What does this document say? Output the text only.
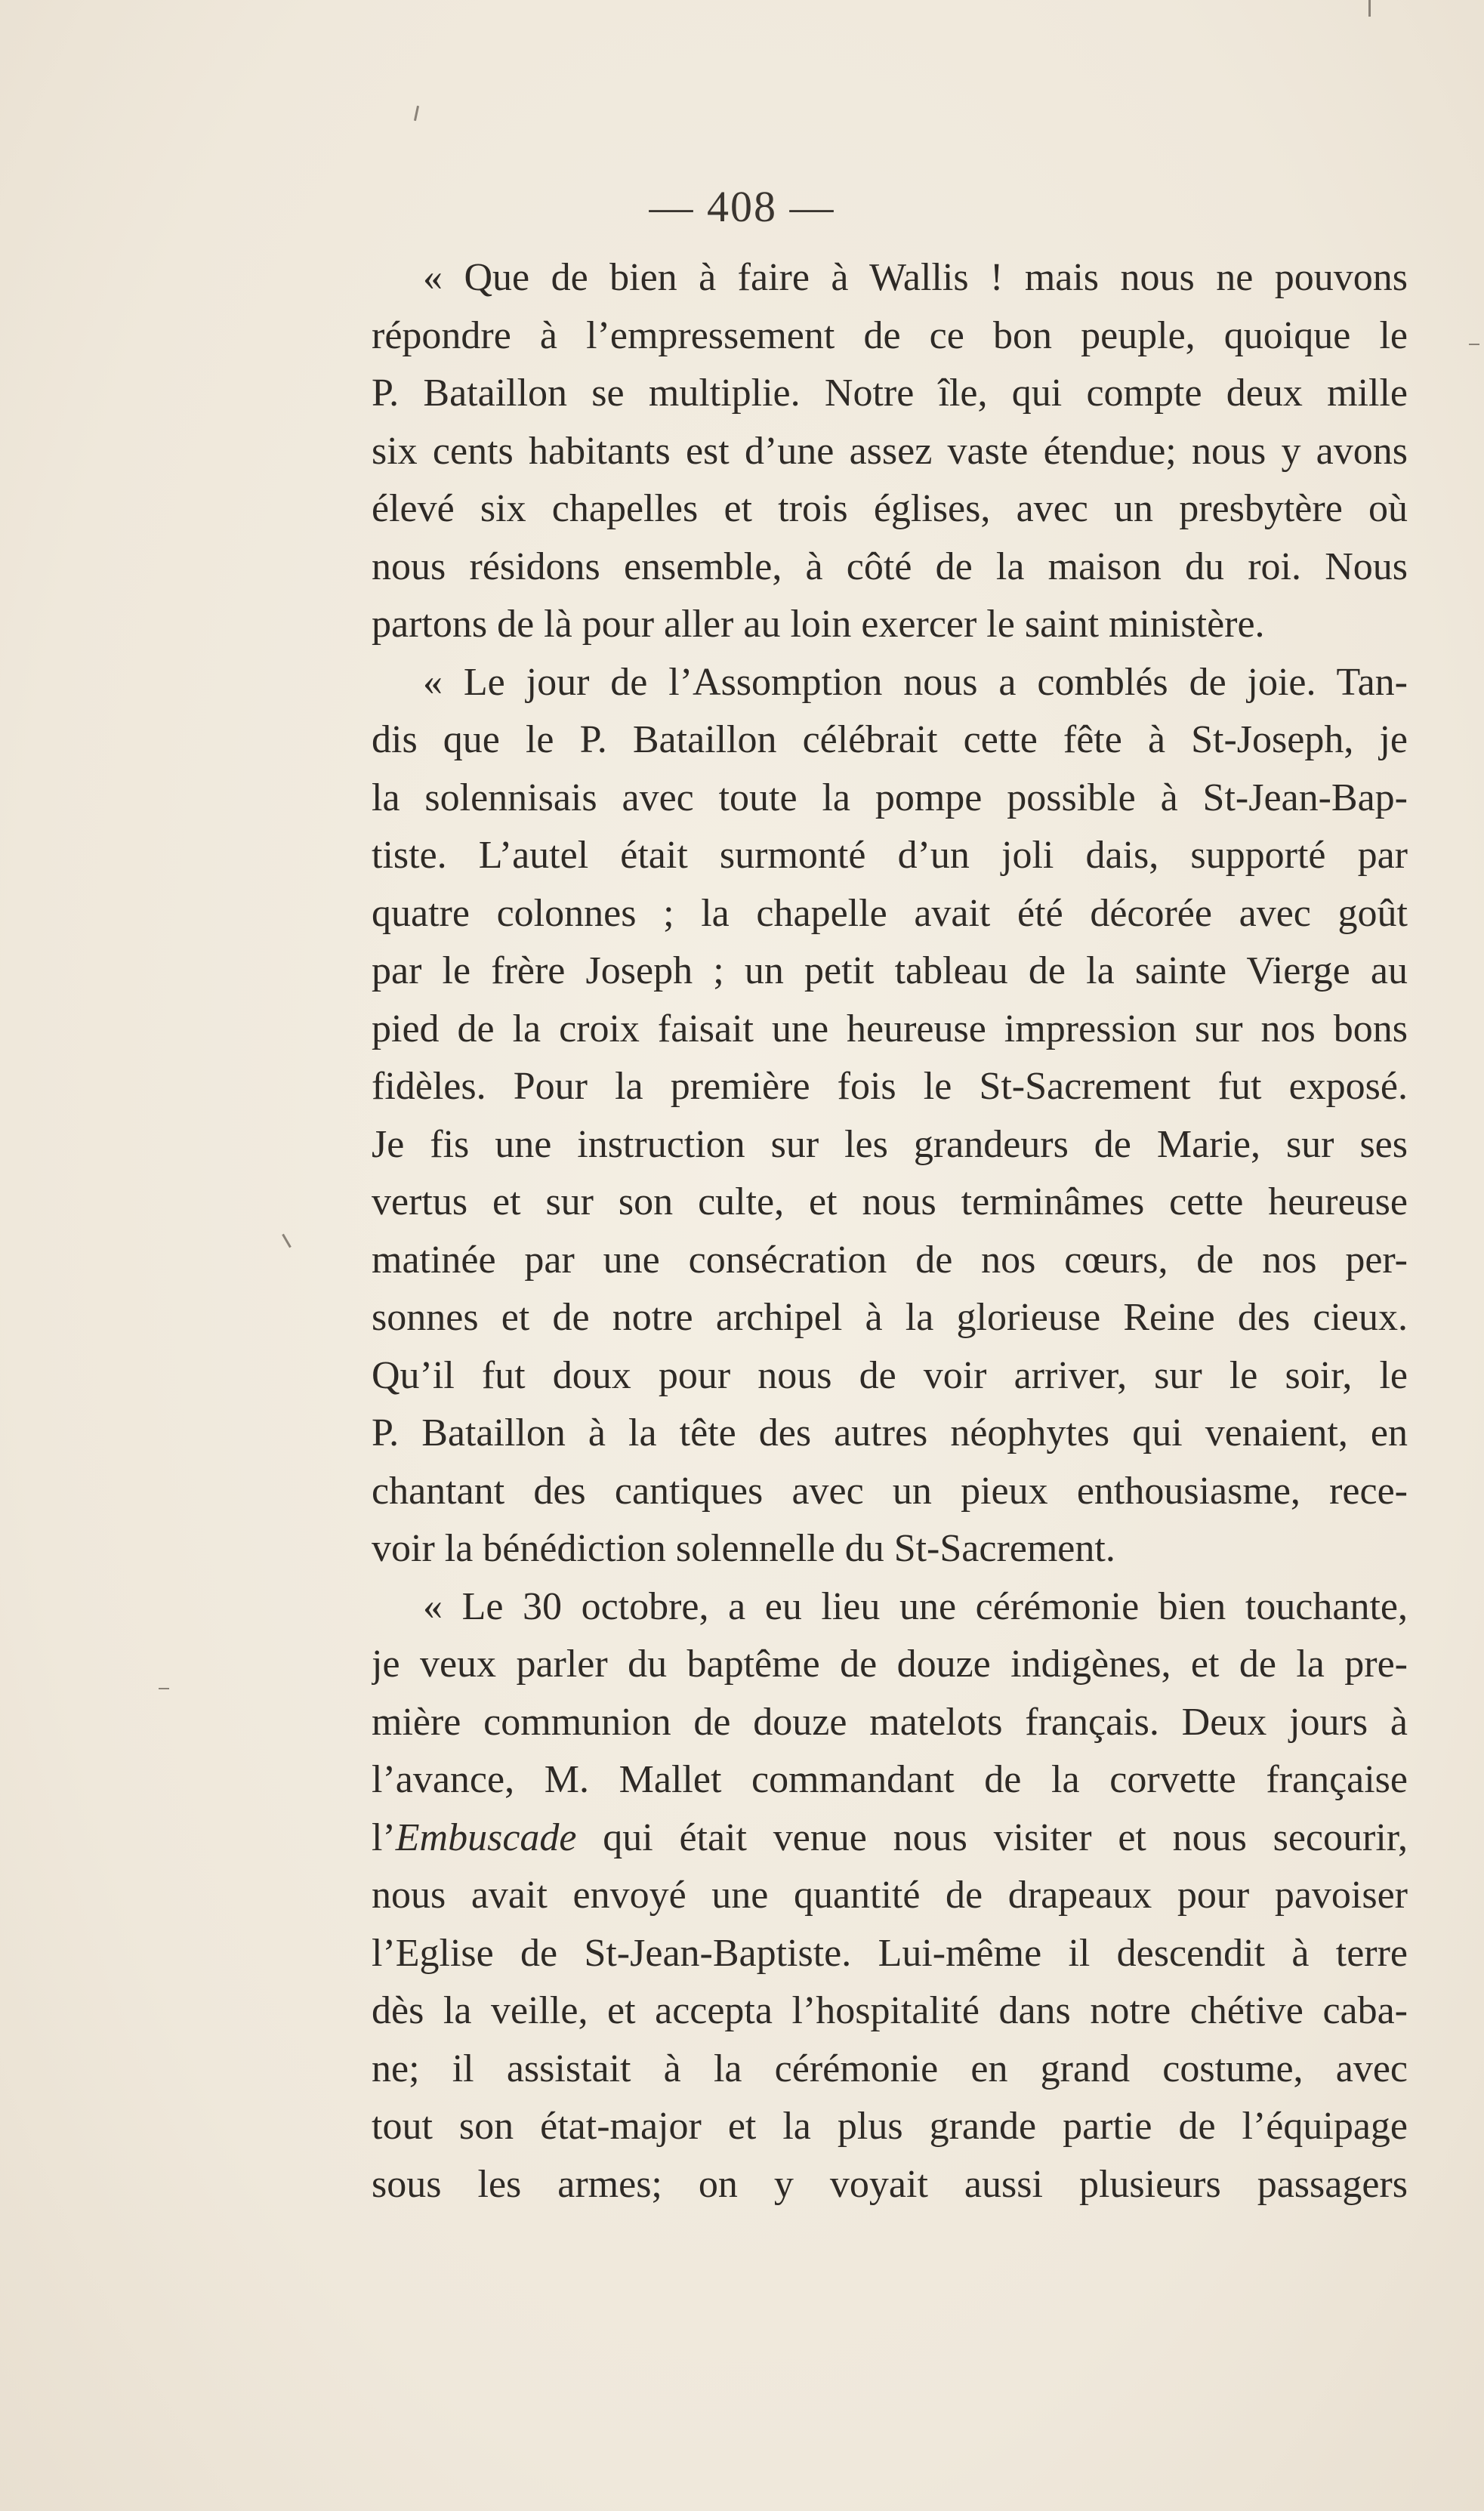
— 408 —
« Que de bien à faire à Wallis ! mais nous ne pouvons
répondre à l’empressement de ce bon peuple, quoique le
P. Bataillon se multiplie. Notre île, qui compte deux mille
six cents habitants est d’une assez vaste étendue; nous y avons
élevé six chapelles et trois églises, avec un presbytère où
nous résidons ensemble, à côté de la maison du roi. Nous
partons de là pour aller au loin exercer le saint ministère.
« Le jour de l’Assomption nous a comblés de joie. Tan-
dis que le P. Bataillon célébrait cette fête à St-Joseph, je
la solennisais avec toute la pompe possible à St-Jean-Bap-
tiste. L’autel était surmonté d’un joli dais, supporté par
quatre colonnes ; la chapelle avait été décorée avec goût
par le frère Joseph ; un petit tableau de la sainte Vierge au
pied de la croix faisait une heureuse impression sur nos bons
fidèles. Pour la première fois le St-Sacrement fut exposé.
Je fis une instruction sur les grandeurs de Marie, sur ses
vertus et sur son culte, et nous terminâmes cette heureuse
matinée par une consécration de nos cœurs, de nos per-
sonnes et de notre archipel à la glorieuse Reine des cieux.
Qu’il fut doux pour nous de voir arriver, sur le soir, le
P. Bataillon à la tête des autres néophytes qui venaient, en
chantant des cantiques avec un pieux enthousiasme, rece-
voir la bénédiction solennelle du St-Sacrement.
« Le 30 octobre, a eu lieu une cérémonie bien touchante,
je veux parler du baptême de douze indigènes, et de la pre-
mière communion de douze matelots français. Deux jours à
l’avance, M. Mallet commandant de la corvette française
l’Embuscade qui était venue nous visiter et nous secourir,
nous avait envoyé une quantité de drapeaux pour pavoiser
l’Eglise de St-Jean-Baptiste. Lui-même il descendit à terre
dès la veille, et accepta l’hospitalité dans notre chétive caba-
ne; il assistait à la cérémonie en grand costume, avec
tout son état-major et la plus grande partie de l’équipage
sous les armes; on y voyait aussi plusieurs passagers
